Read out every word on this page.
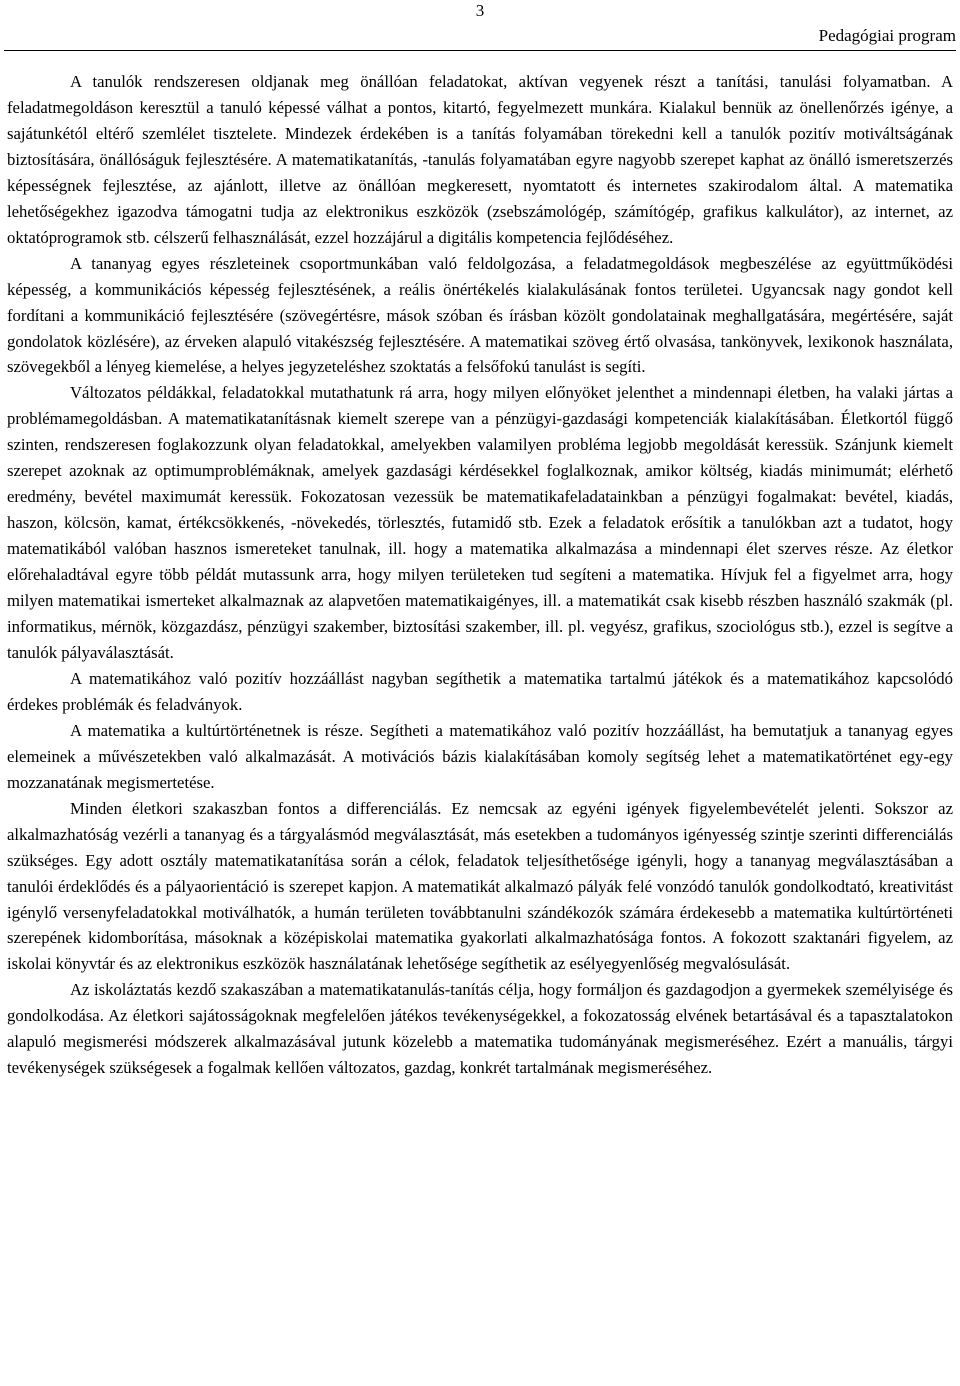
3
Pedagógiai program

A tanulók rendszeresen oldjanak meg önállóan feladatokat, aktívan vegyenek részt a tanítási, tanulási folyamatban. A feladatmegoldáson keresztül a tanuló képessé válhat a pontos, kitartó, fegyelmezett munkára. Kialakul bennük az önellenőrzés igénye, a sajátunkétól eltérő szemlélet tisztelete. Mindezek érdekében is a tanítás folyamában törekedni kell a tanulók pozitív motiváltságának biztosítására, önállóságuk fejlesztésére. A matematikatanítás, -tanulás folyamatában egyre nagyobb szerepet kaphat az önálló ismeretszerzés képességnek fejlesztése, az ajánlott, illetve az önállóan megkeresett, nyomtatott és internetes szakirodalom által. A matematika lehetőségekhez igazodva támogatni tudja az elektronikus eszközök (zsebszámológép, számítógép, grafikus kalkulátor), az internet, az oktatóprogramok stb. célszerű felhasználását, ezzel hozzájárul a digitális kompetencia fejlődéséhez.

A tananyag egyes részleteinek csoportmunkában való feldolgozása, a feladatmegoldások megbeszélése az együttműködési képesség, a kommunikációs képesség fejlesztésének, a reális önértékelés kialakulásának fontos területei. Ugyancsak nagy gondot kell fordítani a kommunikáció fejlesztésére (szövegértésre, mások szóban és írásban közölt gondolatainak meghallgatására, megértésére, saját gondolatok közlésére), az érveken alapuló vitakészség fejlesztésére. A matematikai szöveg értő olvasása, tankönyvek, lexikonok használata, szövegekből a lényeg kiemelése, a helyes jegyzeteléshez szoktatás a felsőfokú tanulást is segíti.

Változatos példákkal, feladatokkal mutathatunk rá arra, hogy milyen előnyöket jelenthet a mindennapi életben, ha valaki jártas a problémamegoldásban. A matematikatanításnak kiemelt szerepe van a pénzügyi-gazdasági kompetenciák kialakításában. Életkortól függő szinten, rendszeresen foglakozzunk olyan feladatokkal, amelyekben valamilyen probléma legjobb megoldását keressük. Szánjunk kiemelt szerepet azoknak az optimumproblémáknak, amelyek gazdasági kérdésekkel foglalkoznak, amikor költség, kiadás minimumát; elérhető eredmény, bevétel maximumát keressük. Fokozatosan vezessük be matematikafeladatainkban a pénzügyi fogalmakat: bevétel, kiadás, haszon, kölcsön, kamat, értékcsökkenés, -növekedés, törlesztés, futamidő stb. Ezek a feladatok erősítik a tanulókban azt a tudatot, hogy matematikából valóban hasznos ismereteket tanulnak, ill. hogy a matematika alkalmazása a mindennapi élet szerves része. Az életkor előrehaladtával egyre több példát mutassunk arra, hogy milyen területeken tud segíteni a matematika. Hívjuk fel a figyelmet arra, hogy milyen matematikai ismerteket alkalmaznak az alapvetően matematikaigényes, ill. a matematikát csak kisebb részben használó szakmák (pl. informatikus, mérnök, közgazdász, pénzügyi szakember, biztosítási szakember, ill. pl. vegyész, grafikus, szociológus stb.), ezzel is segítve a tanulók pályaválasztását.

A matematikához való pozitív hozzáállást nagyban segíthetik a matematika tartalmú játékok és a matematikához kapcsolódó érdekes problémák és feladványok.

A matematika a kultúrtörténetnek is része. Segítheti a matematikához való pozitív hozzáállást, ha bemutatjuk a tananyag egyes elemeinek a művészetekben való alkalmazását. A motivációs bázis kialakításában komoly segítség lehet a matematikatörténet egy-egy mozzanatának megismertetése.

Minden életkori szakaszban fontos a differenciálás. Ez nemcsak az egyéni igények figyelembevételét jelenti. Sokszor az alkalmazhatóság vezérli a tananyag és a tárgyalásmód megválasztását, más esetekben a tudományos igényesség szintje szerinti differenciálás szükséges. Egy adott osztály matematikatanítása során a célok, feladatok teljesíthetősége igényli, hogy a tananyag megválasztásában a tanulói érdeklődés és a pályaorientáció is szerepet kapjon. A matematikát alkalmazó pályák felé vonzódó tanulók gondolkodtató, kreativitást igénylő versenyfeladatokkal motiválhatók, a humán területen továbbtanulni szándékozók számára érdekesebb a matematika kultúrtörténeti szerepének kidomborítása, másoknak a középiskolai matematika gyakorlati alkalmazhatósága fontos. A fokozott szaktanári figyelem, az iskolai könyvtár és az elektronikus eszközök használatának lehetősége segíthetik az esélyegyenlőség megvalósulását.

Az iskoláztatás kezdő szakaszában a matematikatanulás-tanítás célja, hogy formáljon és gazdagodjon a gyermekek személyisége és gondolkodása. Az életkori sajátosságoknak megfelelően játékos tevékenységekkel, a fokozatosság elvének betartásával és a tapasztalatokon alapuló megismerési módszerek alkalmazásával jutunk közelebb a matematika tudományának megismeréséhez. Ezért a manuális, tárgyi tevékenységek szükségesek a fogalmak kellően változatos, gazdag, konkrét tartalmának megismeréséhez.
